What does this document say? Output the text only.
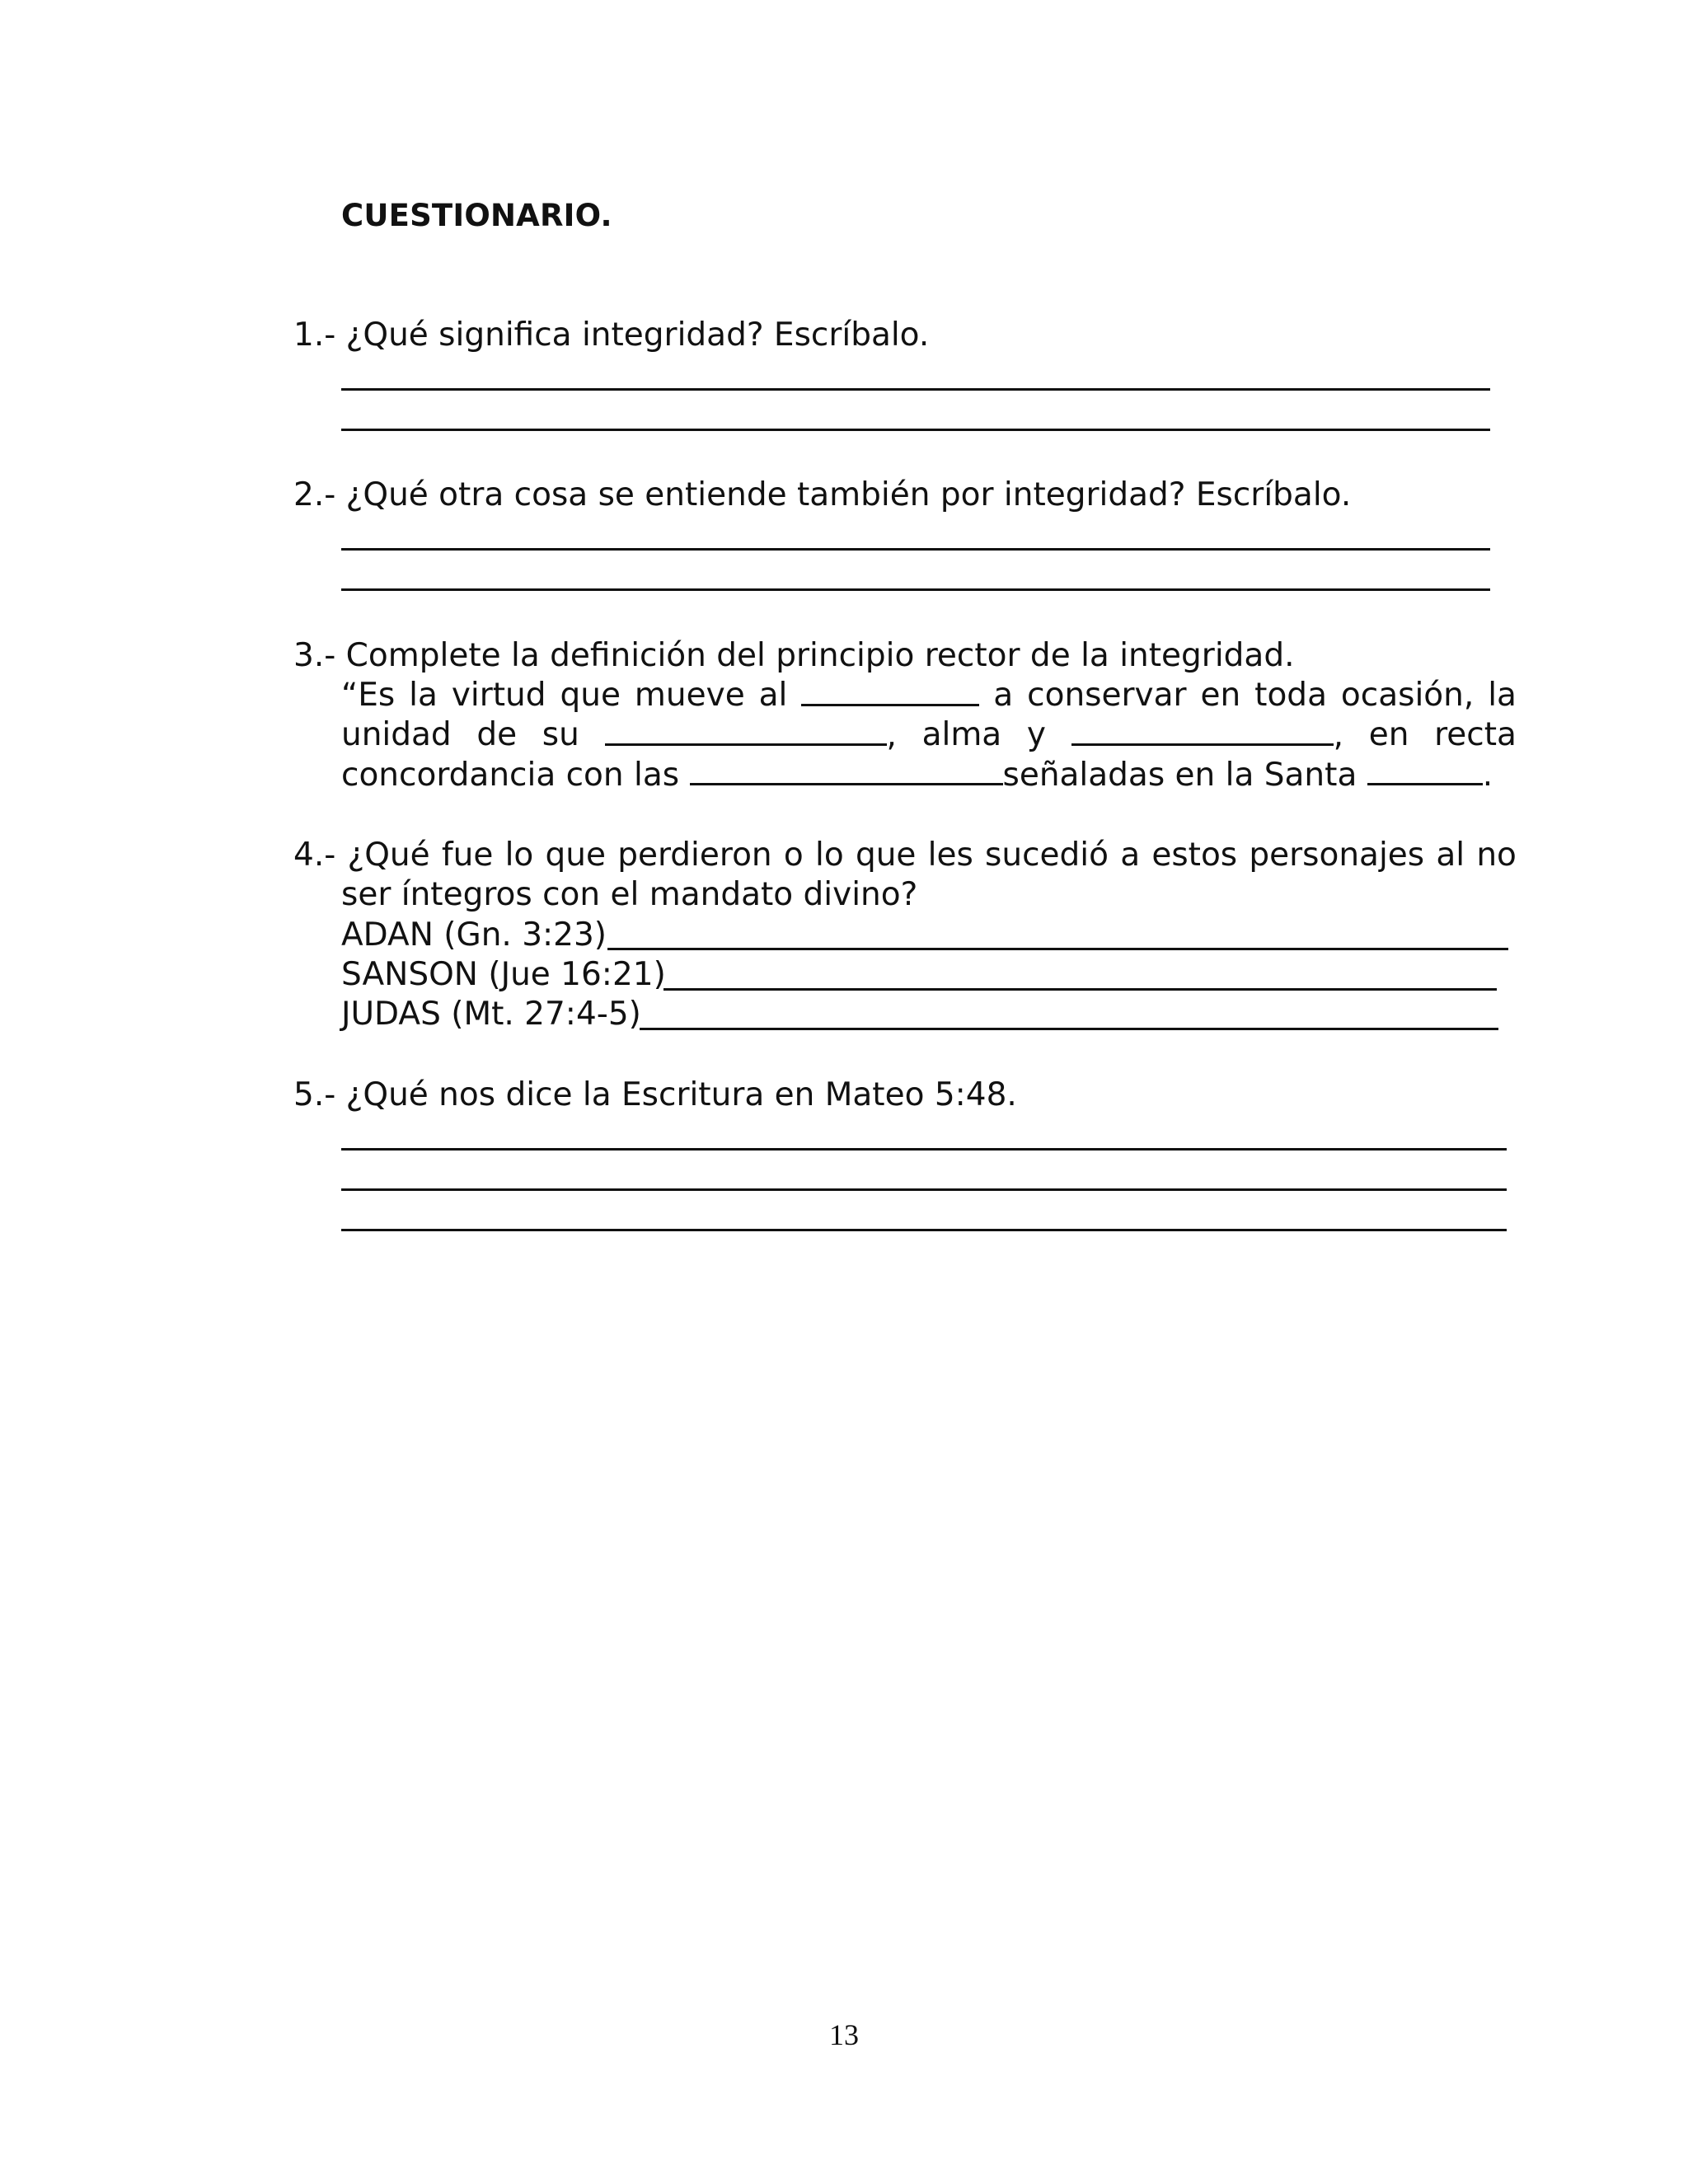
CUESTIONARIO.
1.- ¿Qué significa integridad? Escríbalo.
2.- ¿Qué otra cosa se entiende también por integridad? Escríbalo.
3.- Complete la definición del principio rector de la integridad.
“Es la virtud que mueve al	a conservar en toda ocasión, la
unidad de su	, alma y	, en recta
concordancia con las	señaladas en la Santa	.
4.- ¿Qué fue lo que perdieron o lo que les sucedió a estos personajes al no
ser íntegros con el mandato divino?
ADAN (Gn. 3:23)
SANSON (Jue 16:21)
JUDAS (Mt. 27:4-5)
5.- ¿Qué nos dice la Escritura en Mateo 5:48.
13
